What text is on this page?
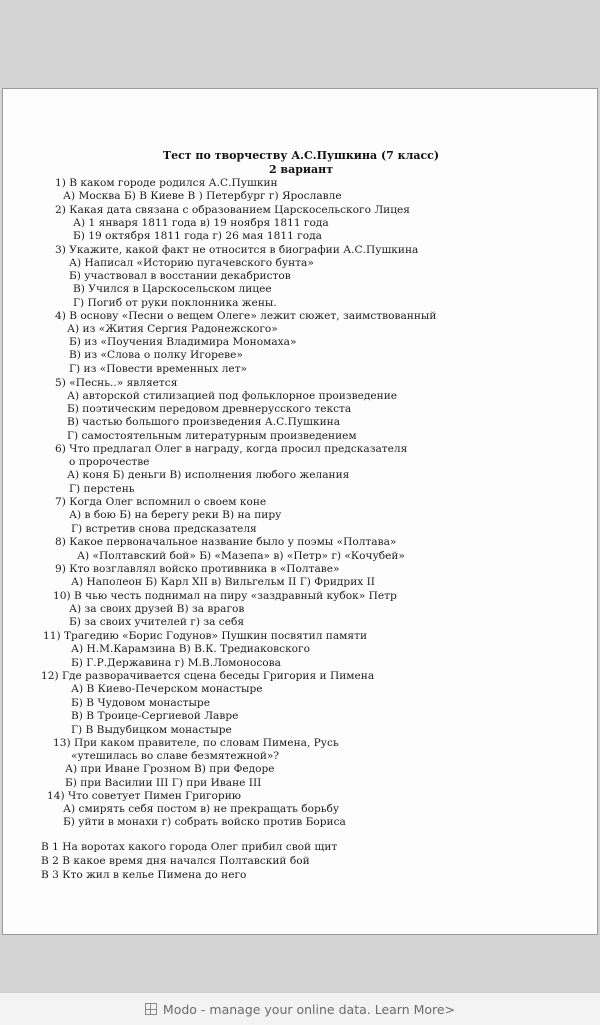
Тест по творчеству А.С.Пушкина (7 класс)
2 вариант
1) В каком городе родился А.С.Пушкин
А) Москва Б) В Киеве В ) Петербург г) Ярославле
2) Какая дата связана с образованием Царскосельского Лицея
А) 1 января 1811 года в) 19 ноября 1811 года
Б) 19 октября 1811 года г) 26 мая 1811 года
3) Укажите, какой факт не относится в биографии А.С.Пушкина
А) Написал «Историю пугачевского бунта»
Б) участвовал в восстании декабристов
В) Учился в Царскосельском лицее
Г) Погиб от руки поклонника жены.
4) В основу «Песни о вещем Олеге» лежит сюжет, заимствованный
А) из «Жития Сергия Радонежского»
Б) из «Поучения Владимира Мономаха»
В) из «Слова о полку Игореве»
Г) из «Повести временных лет»
5) «Песнь..» является
А) авторской стилизацией под фольклорное произведение
Б) поэтическим передовом древнерусского текста
В) частью большого произведения А.С.Пушкина
Г) самостоятельным литературным произведением
6) Что предлагал Олег в награду, когда просил предсказателя
о пророчестве
А) коня Б) деньги В) исполнения любого желания
Г) перстень
7) Когда Олег вспомнил о своем коне
А) в бою Б) на берегу реки В) на пиру
Г) встретив снова предсказателя
8) Какое первоначальное название было у поэмы «Полтава»
А) «Полтавский бой» Б) «Мазепа» в) «Петр» г) «Кочубей»
9) Кто возглавлял войско противника в «Полтаве»
А) Наполеон Б) Карл XII в) Вильгельм II Г) Фридрих II
10) В чью честь поднимал на пиру «заздравный кубок» Петр
А) за своих друзей В) за врагов
Б) за своих учителей г) за себя
11) Трагедию «Борис Годунов» Пушкин посвятил памяти
А) Н.М.Карамзина В) В.К. Тредиаковского
Б) Г.Р.Державина г) М.В.Ломоносова
12) Где разворачивается сцена беседы Григория и Пимена
А) В Киево-Печерском монастыре
Б) В Чудовом монастыре
В) В Троице-Сергиевой Лавре
Г) В Выдубицком монастыре
13) При каком правителе, по словам Пимена, Русь
«утешилась во славе безмятежной»?
А) при Иване Грозном В) при Федоре
Б) при Василии III Г) при Иване III
14) Что советует Пимен Григорию
А) смирять себя постом в) не прекращать борьбу
Б) уйти в монахи г) собрать войско против Бориса
В 1 На воротах какого города Олег прибил свой щит
В 2 В какое время дня начался Полтавский бой
В 3 Кто жил в келье Пимена до него
Modo - manage your online data. Learn More>
